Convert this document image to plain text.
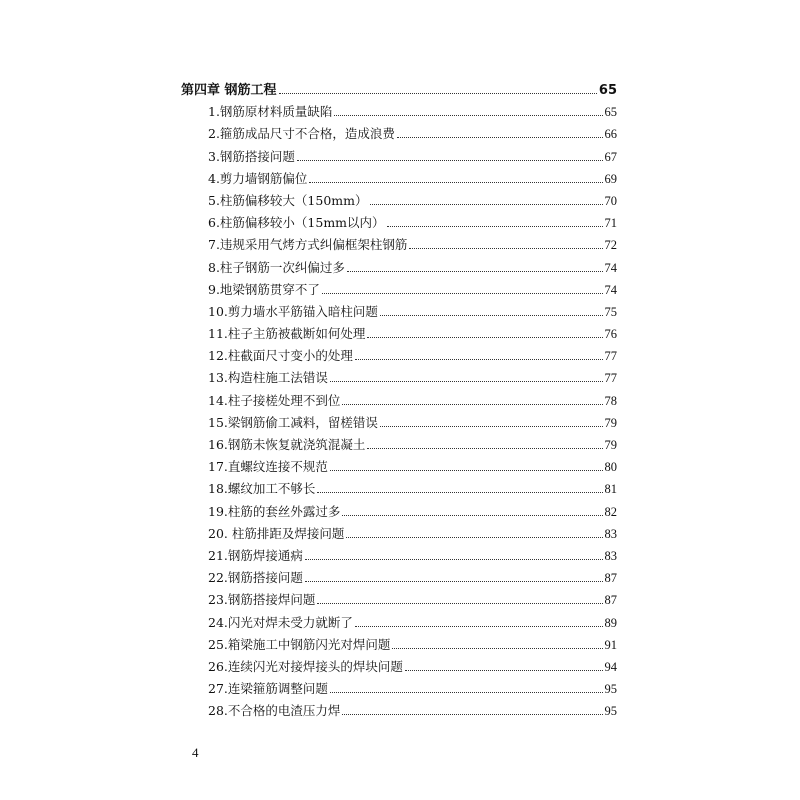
第四章 钢筋工程	65
1.钢筋原材料质量缺陷	65
2.箍筋成品尺寸不合格，造成浪费	66
3.钢筋搭接问题	67
4.剪力墙钢筋偏位	69
5.柱筋偏移较大（150mm）	70
6.柱筋偏移较小（15mm以内）	71
7.违规采用气烤方式纠偏框架柱钢筋	72
8.柱子钢筋一次纠偏过多	74
9.地梁钢筋贯穿不了	74
10.剪力墙水平筋锚入暗柱问题	75
11.柱子主筋被截断如何处理	76
12.柱截面尺寸变小的处理	77
13.构造柱施工法错误	77
14.柱子接槎处理不到位	78
15.梁钢筋偷工减料，留槎错误	79
16.钢筋未恢复就浇筑混凝土	79
17.直螺纹连接不规范	80
18.螺纹加工不够长	81
19.柱筋的套丝外露过多	82
20. 柱筋排距及焊接问题	83
21.钢筋焊接通病	83
22.钢筋搭接问题	87
23.钢筋搭接焊问题	87
24.闪光对焊未受力就断了	89
25.箱梁施工中钢筋闪光对焊问题	91
26.连续闪光对接焊接头的焊块问题	94
27.连梁箍筋调整问题	95
28.不合格的电渣压力焊	95
4
